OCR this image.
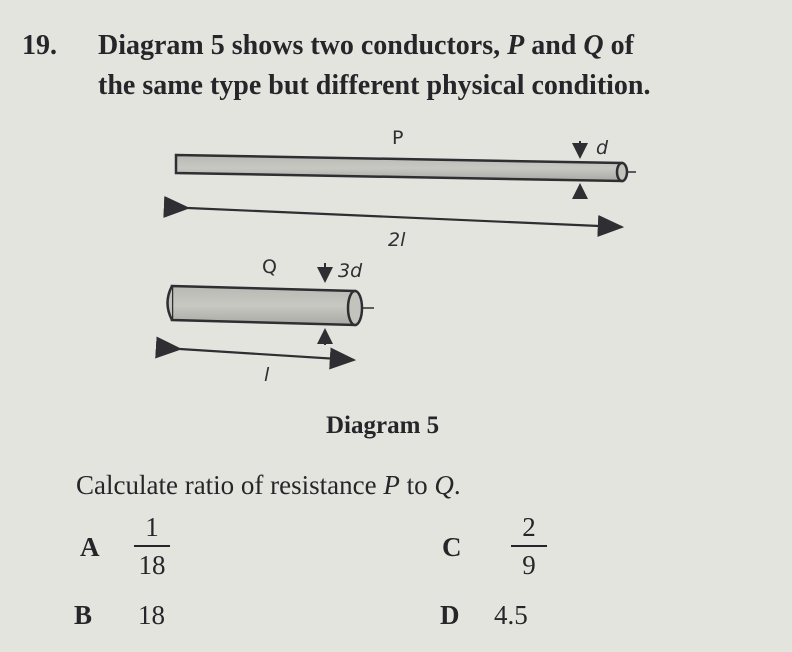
19. Diagram 5 shows two conductors, P and Q of
the same type but different physical condition.
P	d
2l
Q	3d
l
Diagram 5
Calculate ratio of resistance P to Q.
A
1
18
C
2
9
B 18	D 4.5
